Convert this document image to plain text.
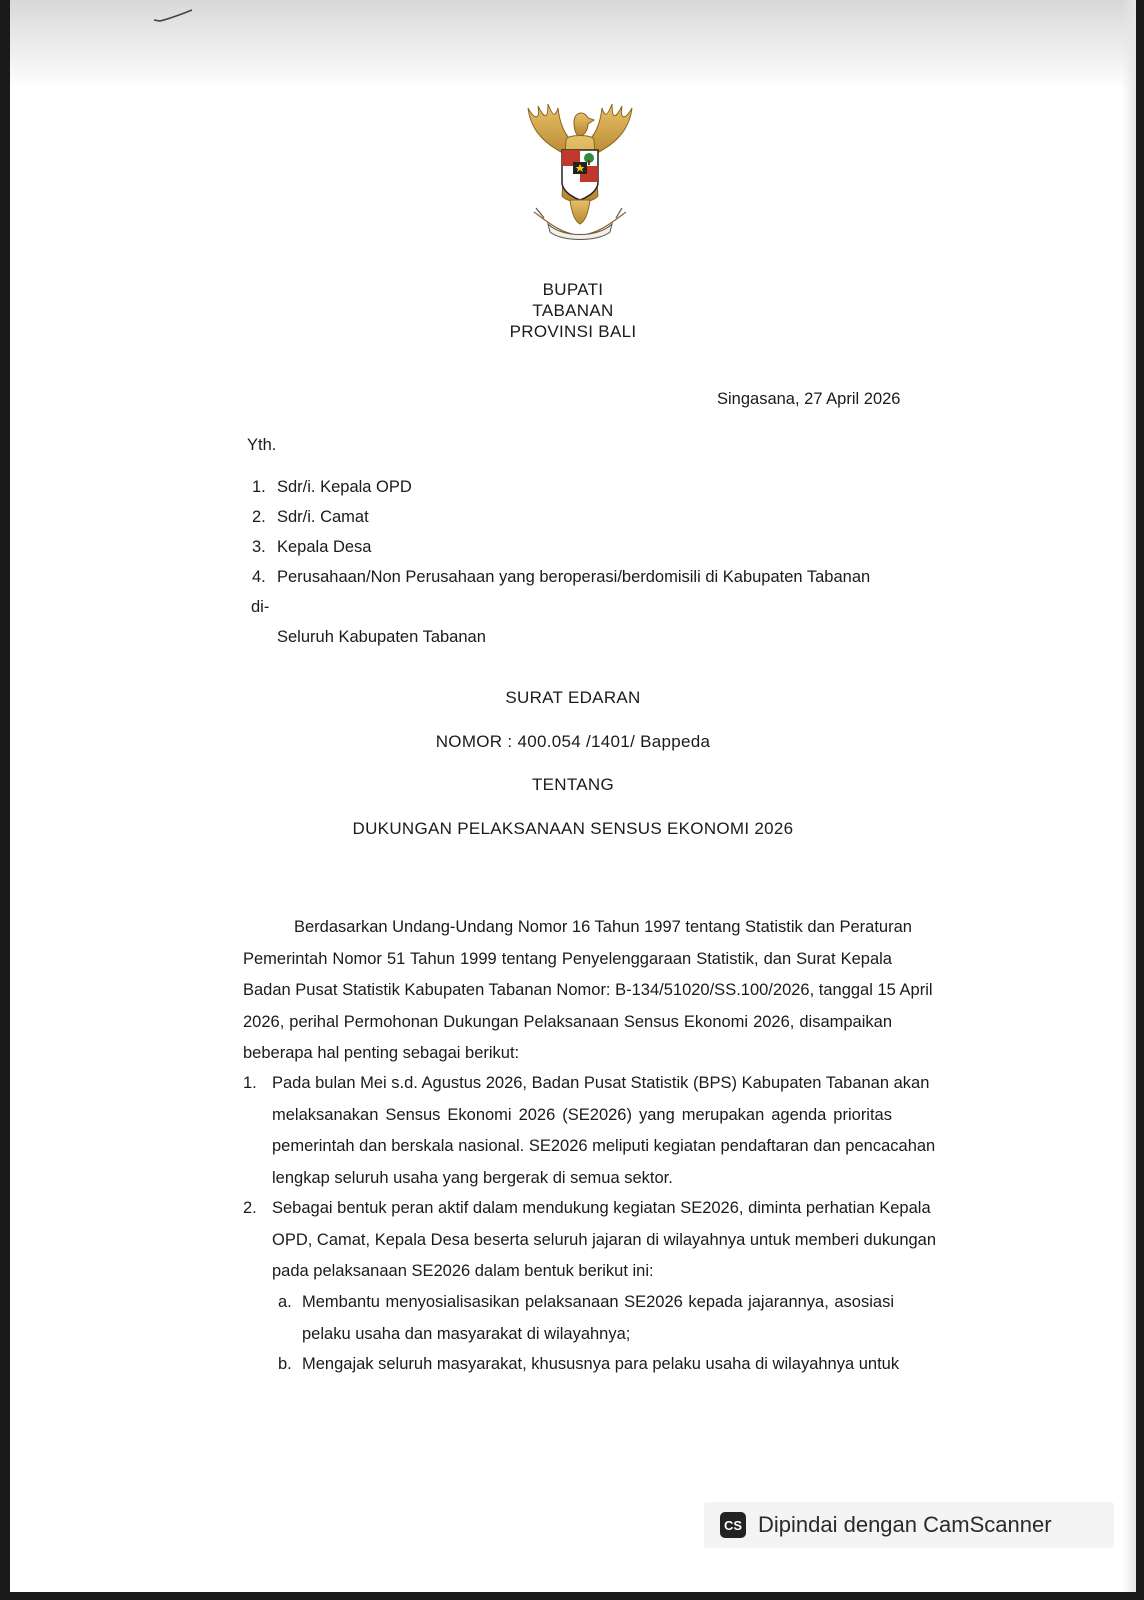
BUPATI
TABANAN
PROVINSI BALI
Singasana, 27 April 2026
Yth.
1. Sdr/i. Kepala OPD
2. Sdr/i. Camat
3. Kepala Desa
4. Perusahaan/Non Perusahaan yang beroperasi/berdomisili di Kabupaten Tabanan
di-
Seluruh Kabupaten Tabanan
SURAT EDARAN
NOMOR : 400.054 /1401/ Bappeda
TENTANG
DUKUNGAN PELAKSANAAN SENSUS EKONOMI 2026
Berdasarkan Undang-Undang Nomor 16 Tahun 1997 tentang Statistik dan Peraturan
Pemerintah Nomor 51 Tahun 1999 tentang Penyelenggaraan Statistik, dan Surat Kepala
Badan Pusat Statistik Kabupaten Tabanan Nomor: B-134/51020/SS.100/2026, tanggal 15 April
2026, perihal Permohonan Dukungan Pelaksanaan Sensus Ekonomi 2026, disampaikan
beberapa hal penting sebagai berikut:
1. Pada bulan Mei s.d. Agustus 2026, Badan Pusat Statistik (BPS) Kabupaten Tabanan akan
melaksanakan Sensus Ekonomi 2026 (SE2026) yang merupakan agenda prioritas
pemerintah dan berskala nasional. SE2026 meliputi kegiatan pendaftaran dan pencacahan
lengkap seluruh usaha yang bergerak di semua sektor.
2. Sebagai bentuk peran aktif dalam mendukung kegiatan SE2026, diminta perhatian Kepala
OPD, Camat, Kepala Desa beserta seluruh jajaran di wilayahnya untuk memberi dukungan
pada pelaksanaan SE2026 dalam bentuk berikut ini:
a. Membantu menyosialisasikan pelaksanaan SE2026 kepada jajarannya, asosiasi
pelaku usaha dan masyarakat di wilayahnya;
b. Mengajak seluruh masyarakat, khususnya para pelaku usaha di wilayahnya untuk
CS Dipindai dengan CamScanner
